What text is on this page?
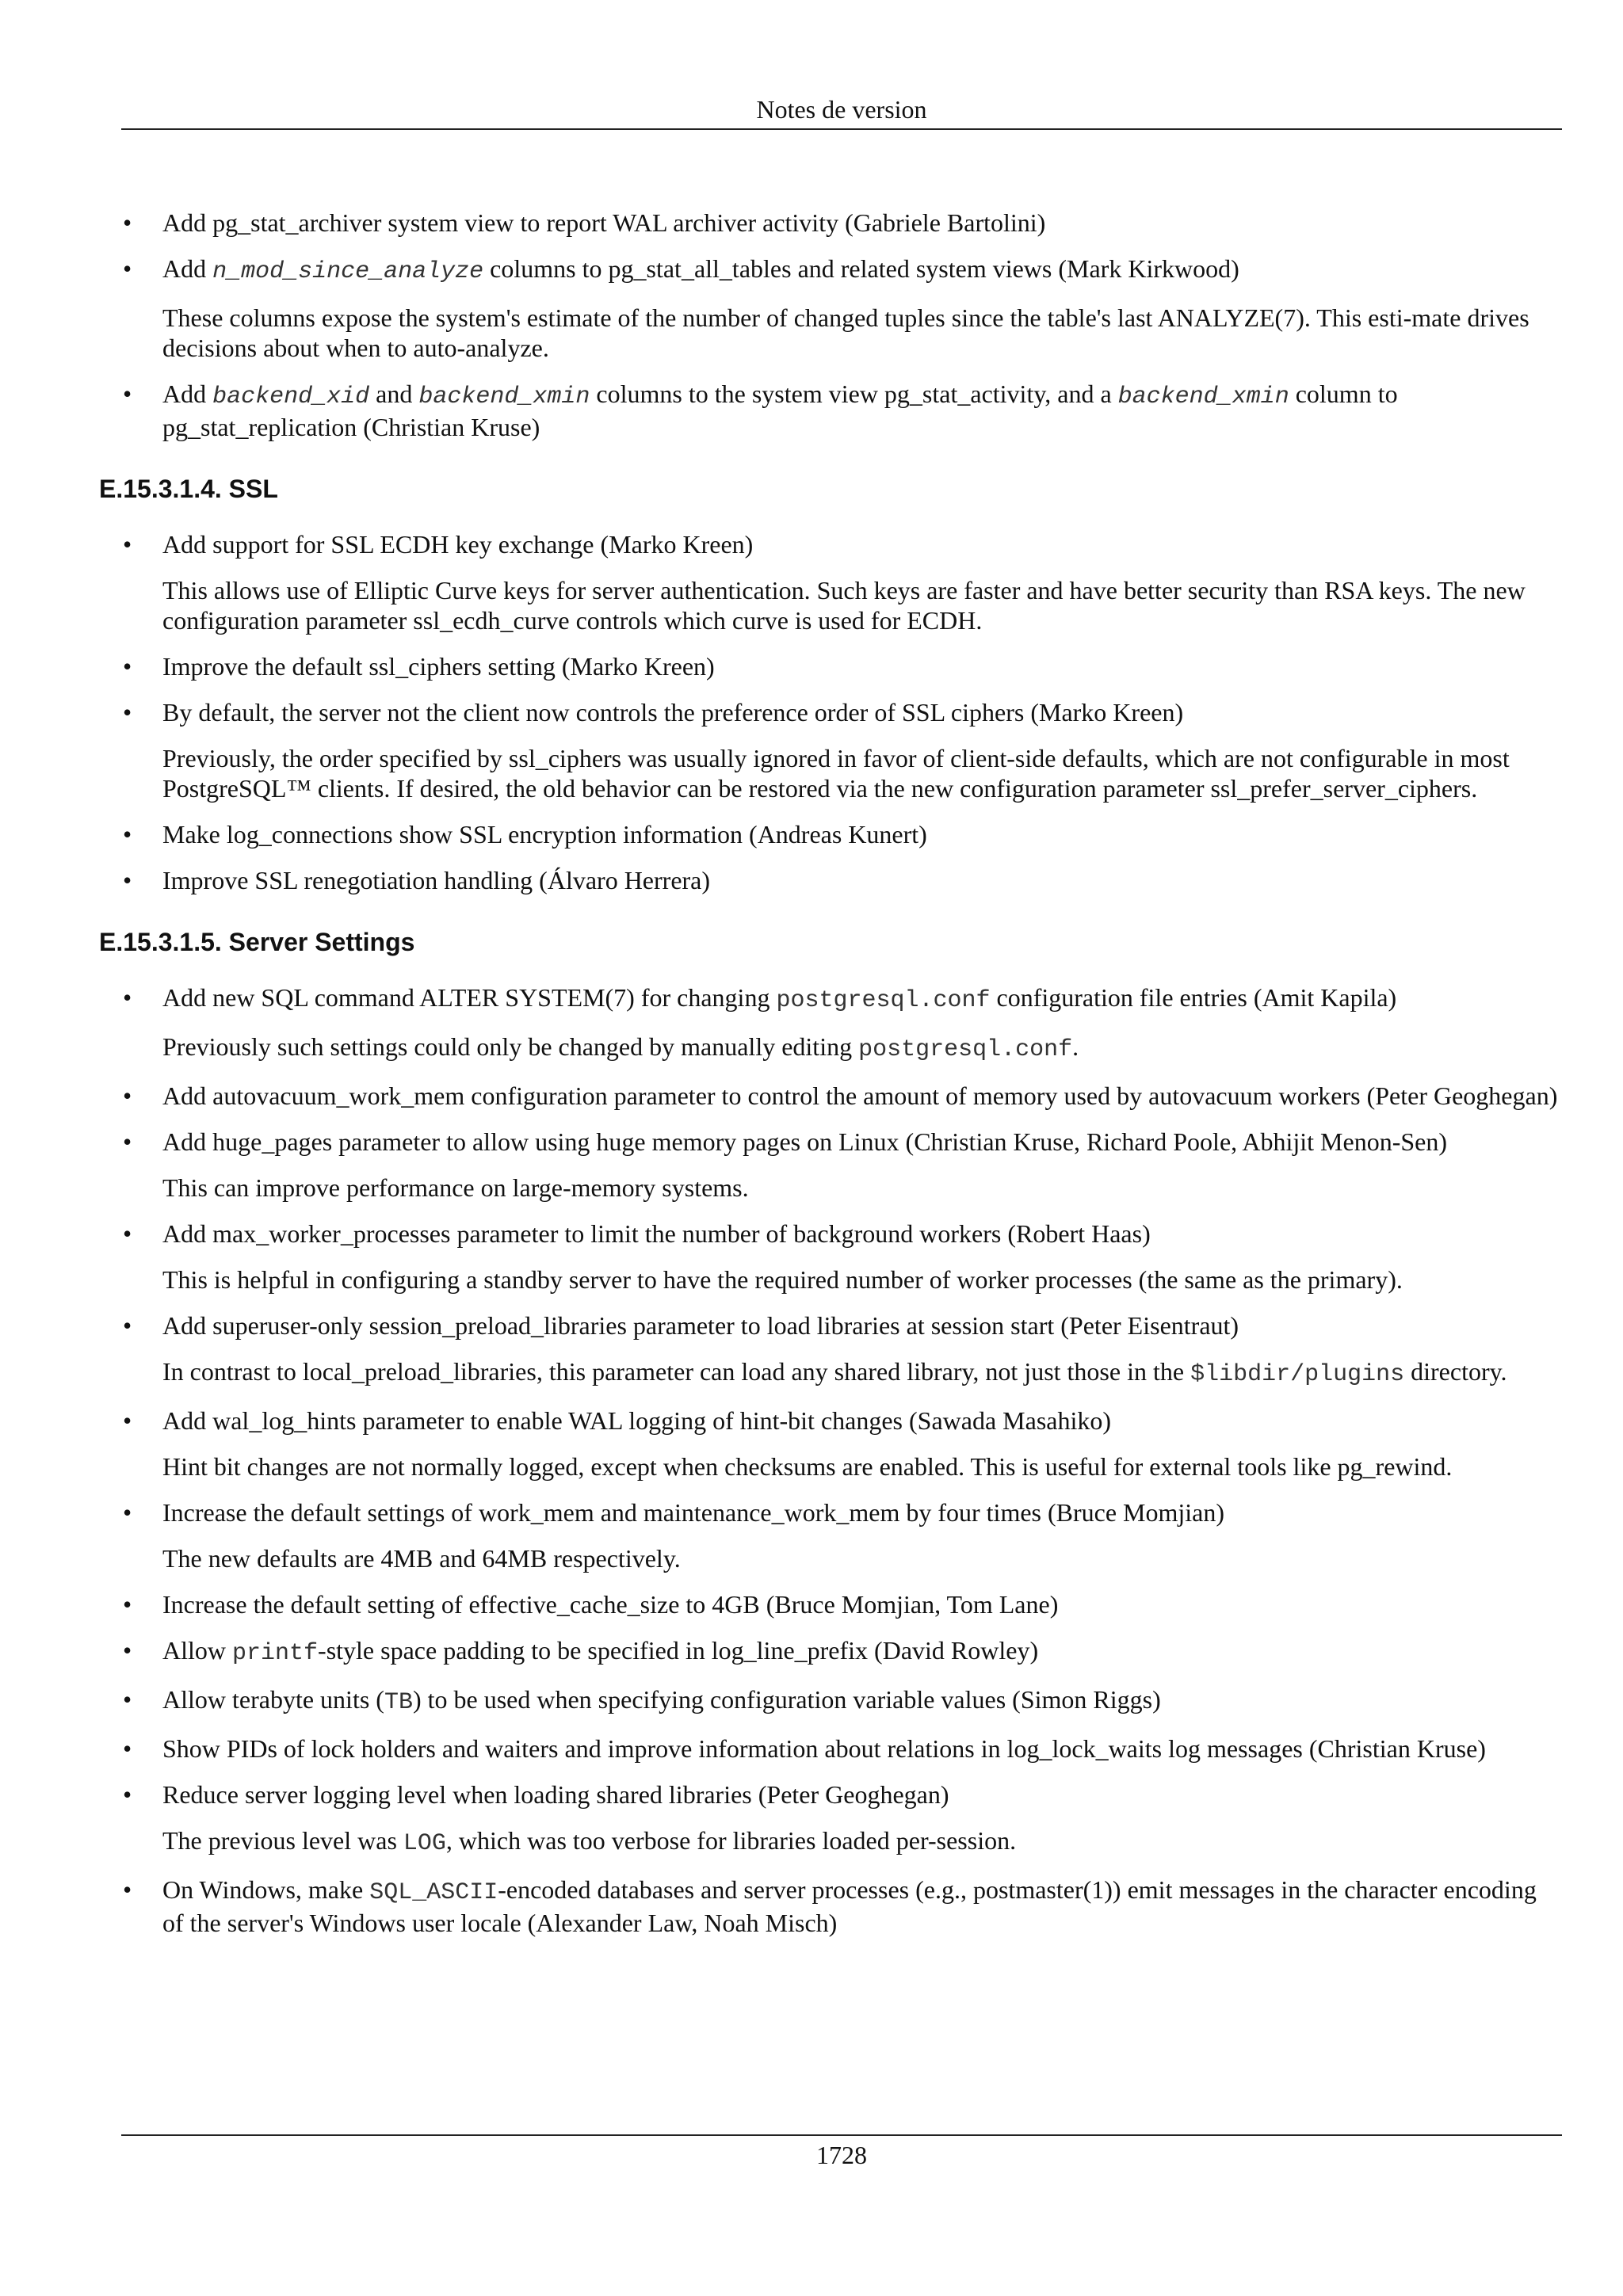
Notes de version

• Add pg_stat_archiver system view to report WAL archiver activity (Gabriele Bartolini)

• Add n_mod_since_analyze columns to pg_stat_all_tables and related system views (Mark Kirkwood)

These columns expose the system's estimate of the number of changed tuples since the table's last ANALYZE(7). This esti-mate drives decisions about when to auto-analyze.

• Add backend_xid and backend_xmin columns to the system view pg_stat_activity, and a backend_xmin column to pg_stat_replication (Christian Kruse)

E.15.3.1.4. SSL

• Add support for SSL ECDH key exchange (Marko Kreen)

This allows use of Elliptic Curve keys for server authentication. Such keys are faster and have better security than RSA keys. The new configuration parameter ssl_ecdh_curve controls which curve is used for ECDH.

• Improve the default ssl_ciphers setting (Marko Kreen)

• By default, the server not the client now controls the preference order of SSL ciphers (Marko Kreen)

Previously, the order specified by ssl_ciphers was usually ignored in favor of client-side defaults, which are not configurable in most PostgreSQL™ clients. If desired, the old behavior can be restored via the new configuration parameter ssl_prefer_server_ciphers.

• Make log_connections show SSL encryption information (Andreas Kunert)

• Improve SSL renegotiation handling (Álvaro Herrera)

E.15.3.1.5. Server Settings

• Add new SQL command ALTER SYSTEM(7) for changing postgresql.conf configuration file entries (Amit Kapila)

Previously such settings could only be changed by manually editing postgresql.conf.

• Add autovacuum_work_mem configuration parameter to control the amount of memory used by autovacuum workers (Peter Geoghegan)

• Add huge_pages parameter to allow using huge memory pages on Linux (Christian Kruse, Richard Poole, Abhijit Menon-Sen)

This can improve performance on large-memory systems.

• Add max_worker_processes parameter to limit the number of background workers (Robert Haas)

This is helpful in configuring a standby server to have the required number of worker processes (the same as the primary).

• Add superuser-only session_preload_libraries parameter to load libraries at session start (Peter Eisentraut)

In contrast to local_preload_libraries, this parameter can load any shared library, not just those in the $libdir/plugins directory.

• Add wal_log_hints parameter to enable WAL logging of hint-bit changes (Sawada Masahiko)

Hint bit changes are not normally logged, except when checksums are enabled. This is useful for external tools like pg_rewind.

• Increase the default settings of work_mem and maintenance_work_mem by four times (Bruce Momjian)

The new defaults are 4MB and 64MB respectively.

• Increase the default setting of effective_cache_size to 4GB (Bruce Momjian, Tom Lane)

• Allow printf-style space padding to be specified in log_line_prefix (David Rowley)

• Allow terabyte units (TB) to be used when specifying configuration variable values (Simon Riggs)

• Show PIDs of lock holders and waiters and improve information about relations in log_lock_waits log messages (Christian Kruse)

• Reduce server logging level when loading shared libraries (Peter Geoghegan)

The previous level was LOG, which was too verbose for libraries loaded per-session.

• On Windows, make SQL_ASCII-encoded databases and server processes (e.g., postmaster(1)) emit messages in the character encoding of the server's Windows user locale (Alexander Law, Noah Misch)

1728
